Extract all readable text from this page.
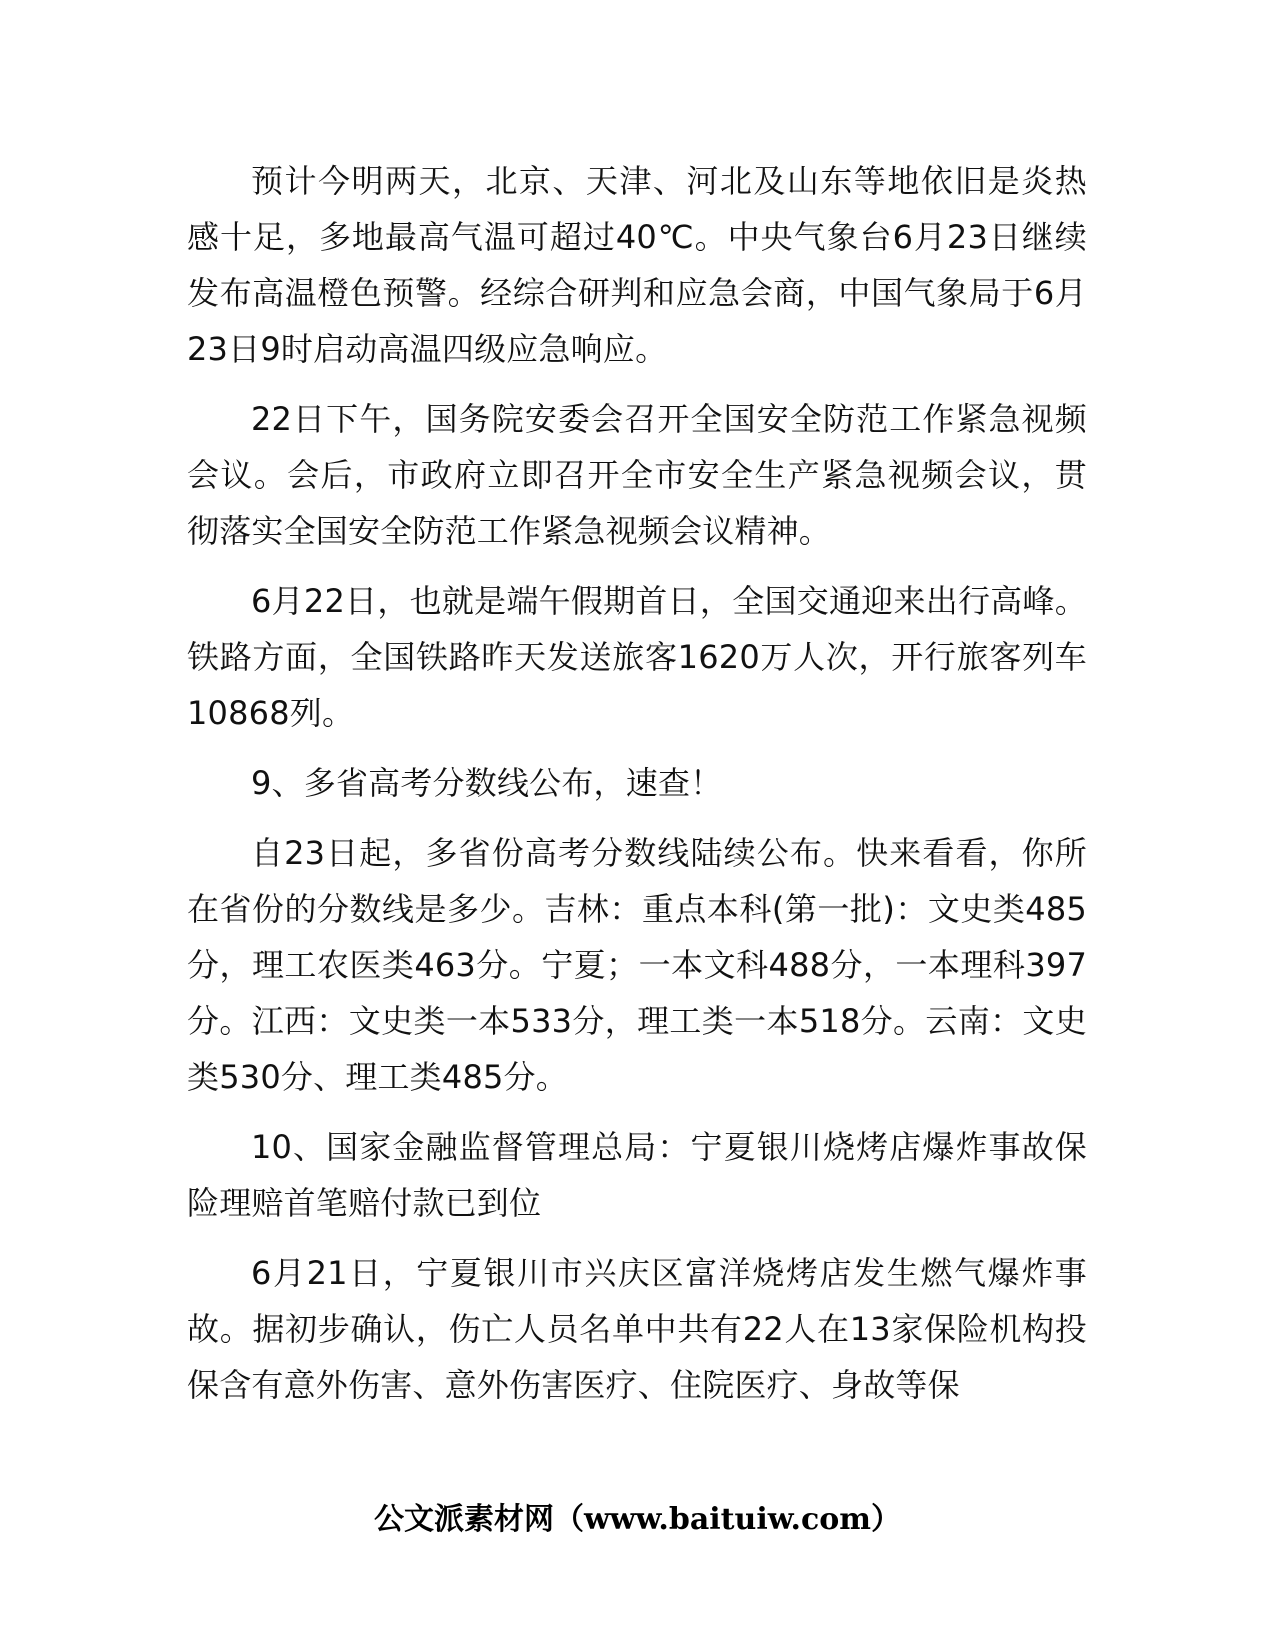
预计今明两天，北京、天津、河北及山东等地依旧是炎热感十足，多地最高气温可超过40℃。中央气象台6月23日继续发布高温橙色预警。经综合研判和应急会商，中国气象局于6月23日9时启动高温四级应急响应。

22日下午，国务院安委会召开全国安全防范工作紧急视频会议。会后，市政府立即召开全市安全生产紧急视频会议，贯彻落实全国安全防范工作紧急视频会议精神。

6月22日，也就是端午假期首日，全国交通迎来出行高峰。铁路方面，全国铁路昨天发送旅客1620万人次，开行旅客列车10868列。

9、多省高考分数线公布，速查！

自23日起，多省份高考分数线陆续公布。快来看看，你所在省份的分数线是多少。吉林：重点本科(第一批)：文史类485分，理工农医类463分。宁夏；一本文科488分，一本理科397分。江西：文史类一本533分，理工类一本518分。云南：文史类530分、理工类485分。

10、国家金融监督管理总局：宁夏银川烧烤店爆炸事故保险理赔首笔赔付款已到位

6月21日，宁夏银川市兴庆区富洋烧烤店发生燃气爆炸事故。据初步确认，伤亡人员名单中共有22人在13家保险机构投保含有意外伤害、意外伤害医疗、住院医疗、身故等保

公文派素材网（www.baituiw.com）
